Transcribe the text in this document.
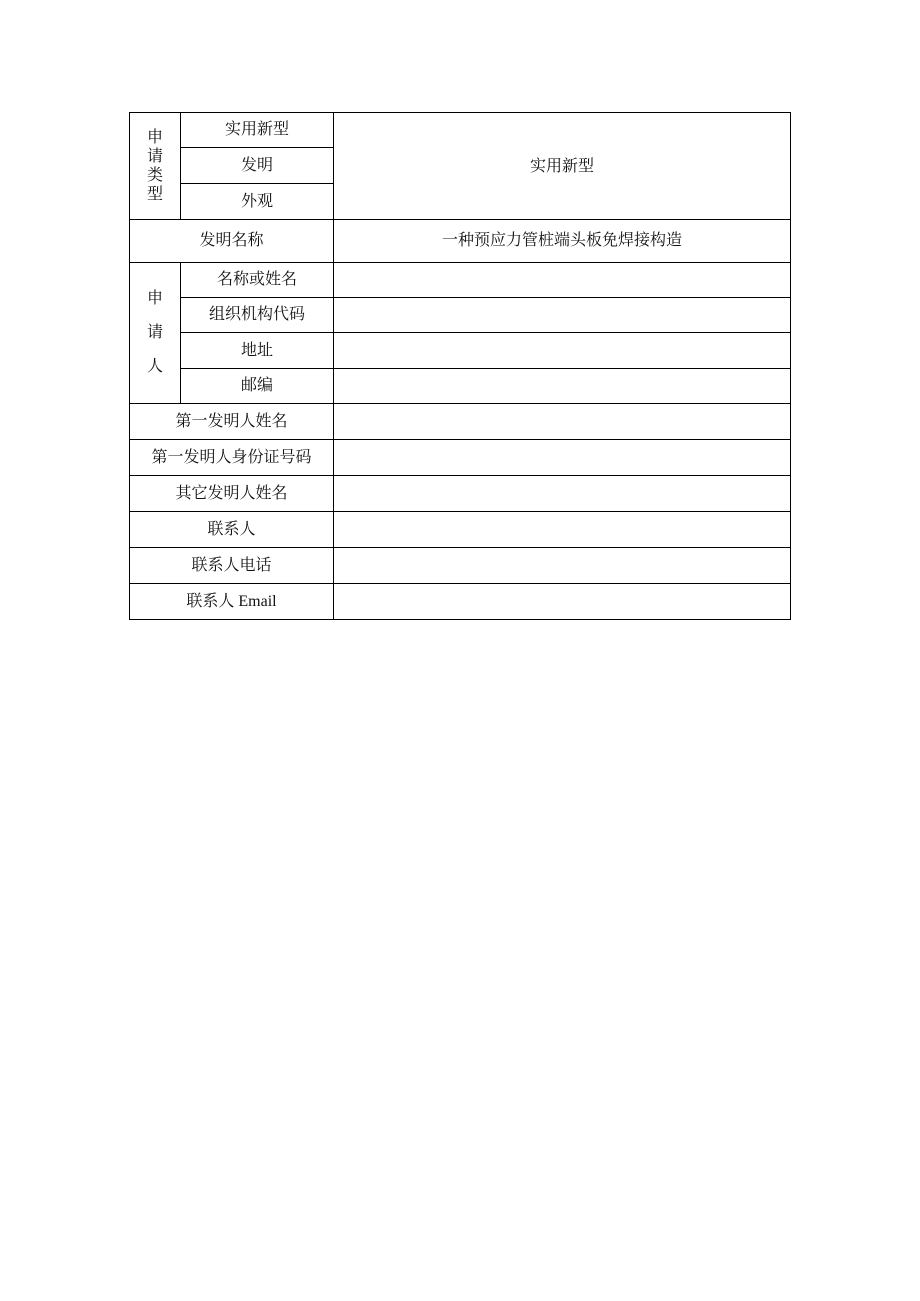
申
请
类
型	实用新型	实用新型
	发明	
	外观	
发明名称		一种预应力管桩端头板免焊接构造

申
请
人	名称或姓名	
	组织机构代码	
	地址	
	邮编	
第一发明人姓名		
第一发明人身份证号码		
其它发明人姓名		
联系人		
联系人电话		
联系人 Email		
